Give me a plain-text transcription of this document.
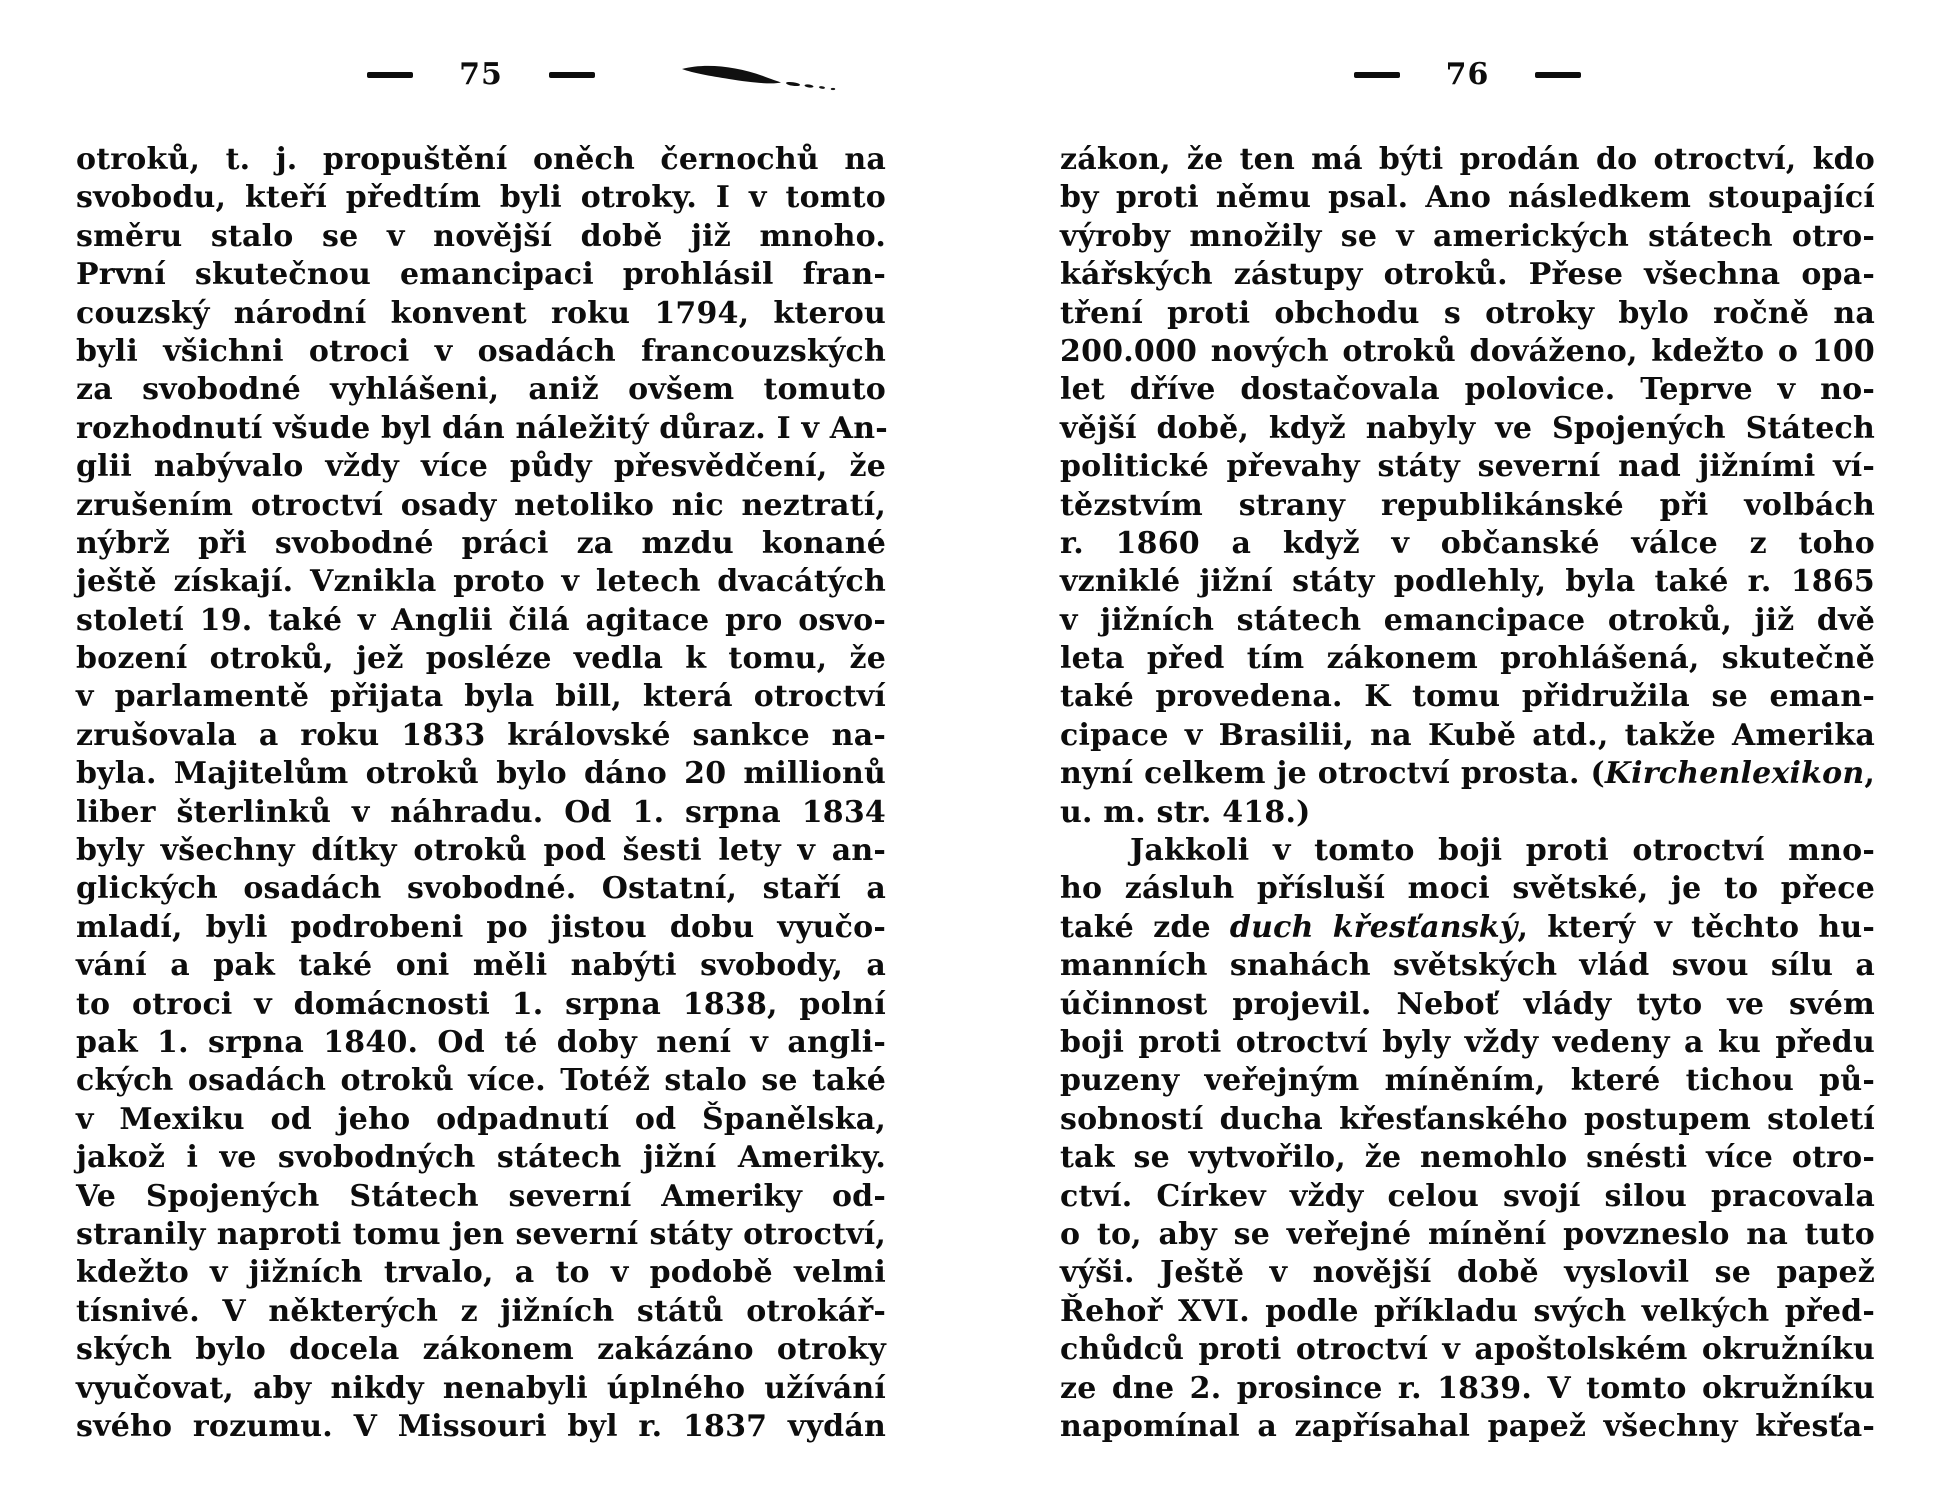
75
otroků, t. j. propuštění oněch černochů na
svobodu, kteří předtím byli otroky. I v tomto
směru stalo se v novější době již mnoho.
První skutečnou emancipaci prohlásil fran-
couzský národní konvent roku 1794, kterou
byli všichni otroci v osadách francouzských
za svobodné vyhlášeni, aniž ovšem tomuto
rozhodnutí všude byl dán náležitý důraz. I v An-
glii nabývalo vždy více půdy přesvědčení, že
zrušením otroctví osady netoliko nic neztratí,
nýbrž při svobodné práci za mzdu konané
ještě získají. Vznikla proto v letech dvacátých
století 19. také v Anglii čilá agitace pro osvo-
bození otroků, jež posléze vedla k tomu, že
v parlamentě přijata byla bill, která otroctví
zrušovala a roku 1833 královské sankce na-
byla. Majitelům otroků bylo dáno 20 millionů
liber šterlinků v náhradu. Od 1. srpna 1834
byly všechny dítky otroků pod šesti lety v an-
glických osadách svobodné. Ostatní, staří a
mladí, byli podrobeni po jistou dobu vyučo-
vání a pak také oni měli nabýti svobody, a
to otroci v domácnosti 1. srpna 1838, polní
pak 1. srpna 1840. Od té doby není v angli-
ckých osadách otroků více. Totéž stalo se také
v Mexiku od jeho odpadnutí od Španělska,
jakož i ve svobodných státech jižní Ameriky.
Ve Spojených Státech severní Ameriky od-
stranily naproti tomu jen severní státy otroctví,
kdežto v jižních trvalo, a to v podobě velmi
tísnivé. V některých z jižních států otrokář-
ských bylo docela zákonem zakázáno otroky
vyučovat, aby nikdy nenabyli úplného užívání
svého rozumu. V Missouri byl r. 1837 vydán
76
zákon, že ten má býti prodán do otroctví, kdo
by proti němu psal. Ano následkem stoupající
výroby množily se v amerických státech otro-
kářských zástupy otroků. Přese všechna opa-
tření proti obchodu s otroky bylo ročně na
200.000 nových otroků dováženo, kdežto o 100
let dříve dostačovala polovice. Teprve v no-
vější době, když nabyly ve Spojených Státech
politické převahy státy severní nad jižními ví-
tězstvím strany republikánské při volbách
r. 1860 a když v občanské válce z toho
vzniklé jižní státy podlehly, byla také r. 1865
v jižních státech emancipace otroků, již dvě
leta před tím zákonem prohlášená, skutečně
také provedena. K tomu přidružila se eman-
cipace v Brasilii, na Kubě atd., takže Amerika
nyní celkem je otroctví prosta. (Kirchenlexikon,
u. m. str. 418.)
Jakkoli v tomto boji proti otroctví mno-
ho zásluh přísluší moci světské, je to přece
také zde duch křesťanský, který v těchto hu-
manních snahách světských vlád svou sílu a
účinnost projevil. Neboť vlády tyto ve svém
boji proti otroctví byly vždy vedeny a ku předu
puzeny veřejným míněním, které tichou pů-
sobností ducha křesťanského postupem století
tak se vytvořilo, že nemohlo snésti více otro-
ctví. Církev vždy celou svojí silou pracovala
o to, aby se veřejné mínění povzneslo na tuto
výši. Ještě v novější době vyslovil se papež
Řehoř XVI. podle příkladu svých velkých před-
chůdců proti otroctví v apoštolském okružníku
ze dne 2. prosince r. 1839. V tomto okružníku
napomínal a zapřísahal papež všechny křesťa-
